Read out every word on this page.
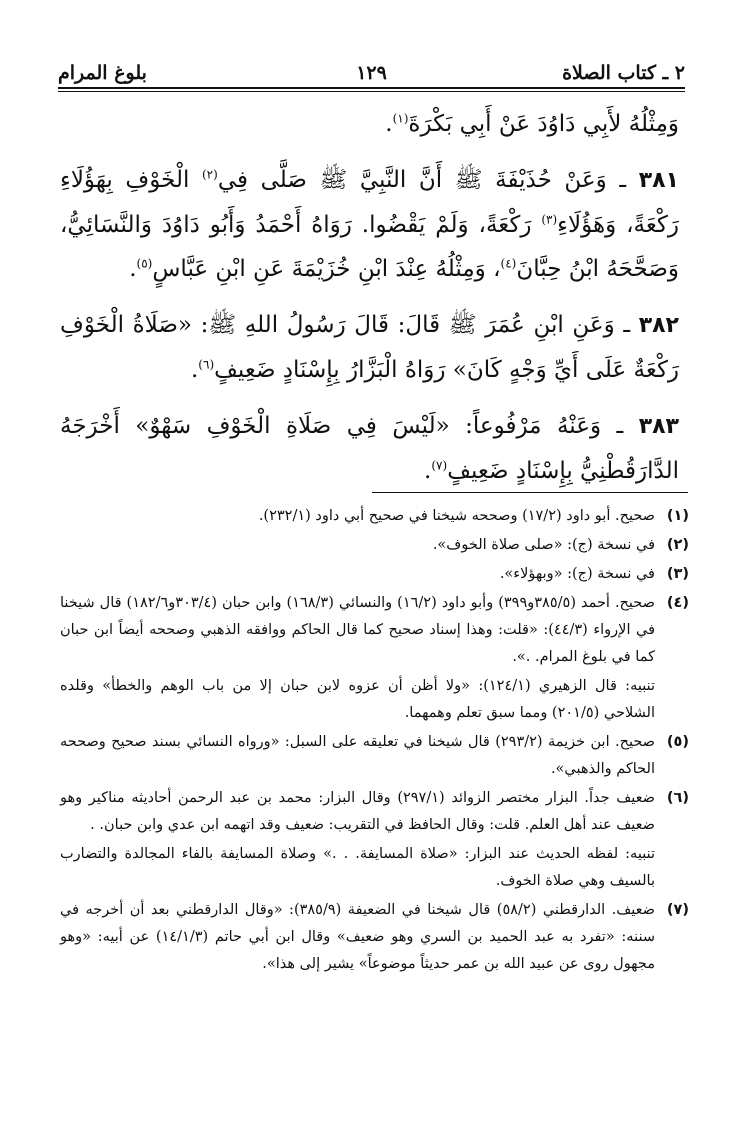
٢ ـ كتاب الصلاة
١٢٩
بلوغ المرام

وَمِثْلُهُ لأَبِي دَاوُدَ عَنْ أَبِي بَكْرَةَ$^{(١)}$.

٣٨١ ـ وَعَنْ حُذَيْفَةَ ﷺ أَنَّ النَّبِيَّ ﷺ صَلَّى فِي$^{(٢)}$ الْخَوْفِ بِهَؤُلَاءِ رَكْعَةً، وَهَؤُلَاءِ$^{(٣)}$ رَكْعَةً، وَلَمْ يَقْضُوا. رَوَاهُ أَحْمَدُ وَأَبُو دَاوُدَ وَالنَّسَائِيُّ، وَصَحَّحَهُ ابْنُ حِبَّانَ$^{(٤)}$، وَمِثْلُهُ عِنْدَ ابْنِ خُزَيْمَةَ عَنِ ابْنِ عَبَّاسٍ$^{(٥)}$.

٣٨٢ ـ وَعَنِ ابْنِ عُمَرَ ﷺ قَالَ: قَالَ رَسُولُ اللهِ ﷺ: «صَلَاةُ الْخَوْفِ رَكْعَةٌ عَلَى أَيِّ وَجْهٍ كَانَ» رَوَاهُ الْبَزَّارُ بِإِسْنَادٍ ضَعِيفٍ$^{(٦)}$.

٣٨٣ ـ وَعَنْهُ مَرْفُوعاً: «لَيْسَ فِي صَلَاةِ الْخَوْفِ سَهْوٌ» أَخْرَجَهُ الدَّارَقُطْنِيُّ بِإِسْنَادٍ ضَعِيفٍ$^{(٧)}$.

(١)
صحيح. أبو داود (١٧/٢) وصححه شيخنا في صحيح أبي داود (٢٣٢/١).
(٢)
في نسخة (ج): «صلى صلاة الخوف».
(٣)
في نسخة (ج): «وبهؤلاء».
(٤)
صحيح. أحمد (٣٨٥/٥و٣٩٩) وأبو داود (١٦/٢) والنسائي (١٦٨/٣) وابن حبان (٣٠٣/٤و١٨٢/٦) قال شيخنا في الإرواء (٤٤/٣): «قلت: وهذا إسناد صحيح كما قال الحاكم ووافقه الذهبي وصححه أيضاً ابن حبان كما في بلوغ المرام. .».
تنبيه: قال الزهيري (١٢٤/١): «ولا أظن أن عزوه لابن حبان إلا من باب الوهم والخطأ» وقلده الشلاحي (٢٠١/٥) ومما سبق تعلم وهمهما.
(٥)
صحيح. ابن خزيمة (٢٩٣/٢) قال شيخنا في تعليقه على السبل: «ورواه النسائي بسند صحيح وصححه الحاكم والذهبي».
(٦)
ضعيف جداً. البزار مختصر الزوائد (٢٩٧/١) وقال البزار: محمد بن عبد الرحمن أحاديثه مناكير وهو ضعيف عند أهل العلم. قلت: وقال الحافظ في التقريب: ضعيف وقد اتهمه ابن عدي وابن حبان. .
تنبيه: لفظه الحديث عند البزار: «صلاة المسايفة. . .» وصلاة المسايفة بالفاء المجالدة والتضارب بالسيف وهي صلاة الخوف.
(٧)
ضعيف. الدارقطني (٥٨/٢) قال شيخنا في الضعيفة (٣٨٥/٩): «وقال الدارقطني بعد أن أخرجه في سننه: «تفرد به عبد الحميد بن السري وهو ضعيف» وقال ابن أبي حاتم (١٤/١/٣) عن أبيه: «وهو مجهول روى عن عبيد الله بن عمر حديثاً موضوعاً» يشير إلى هذا».
